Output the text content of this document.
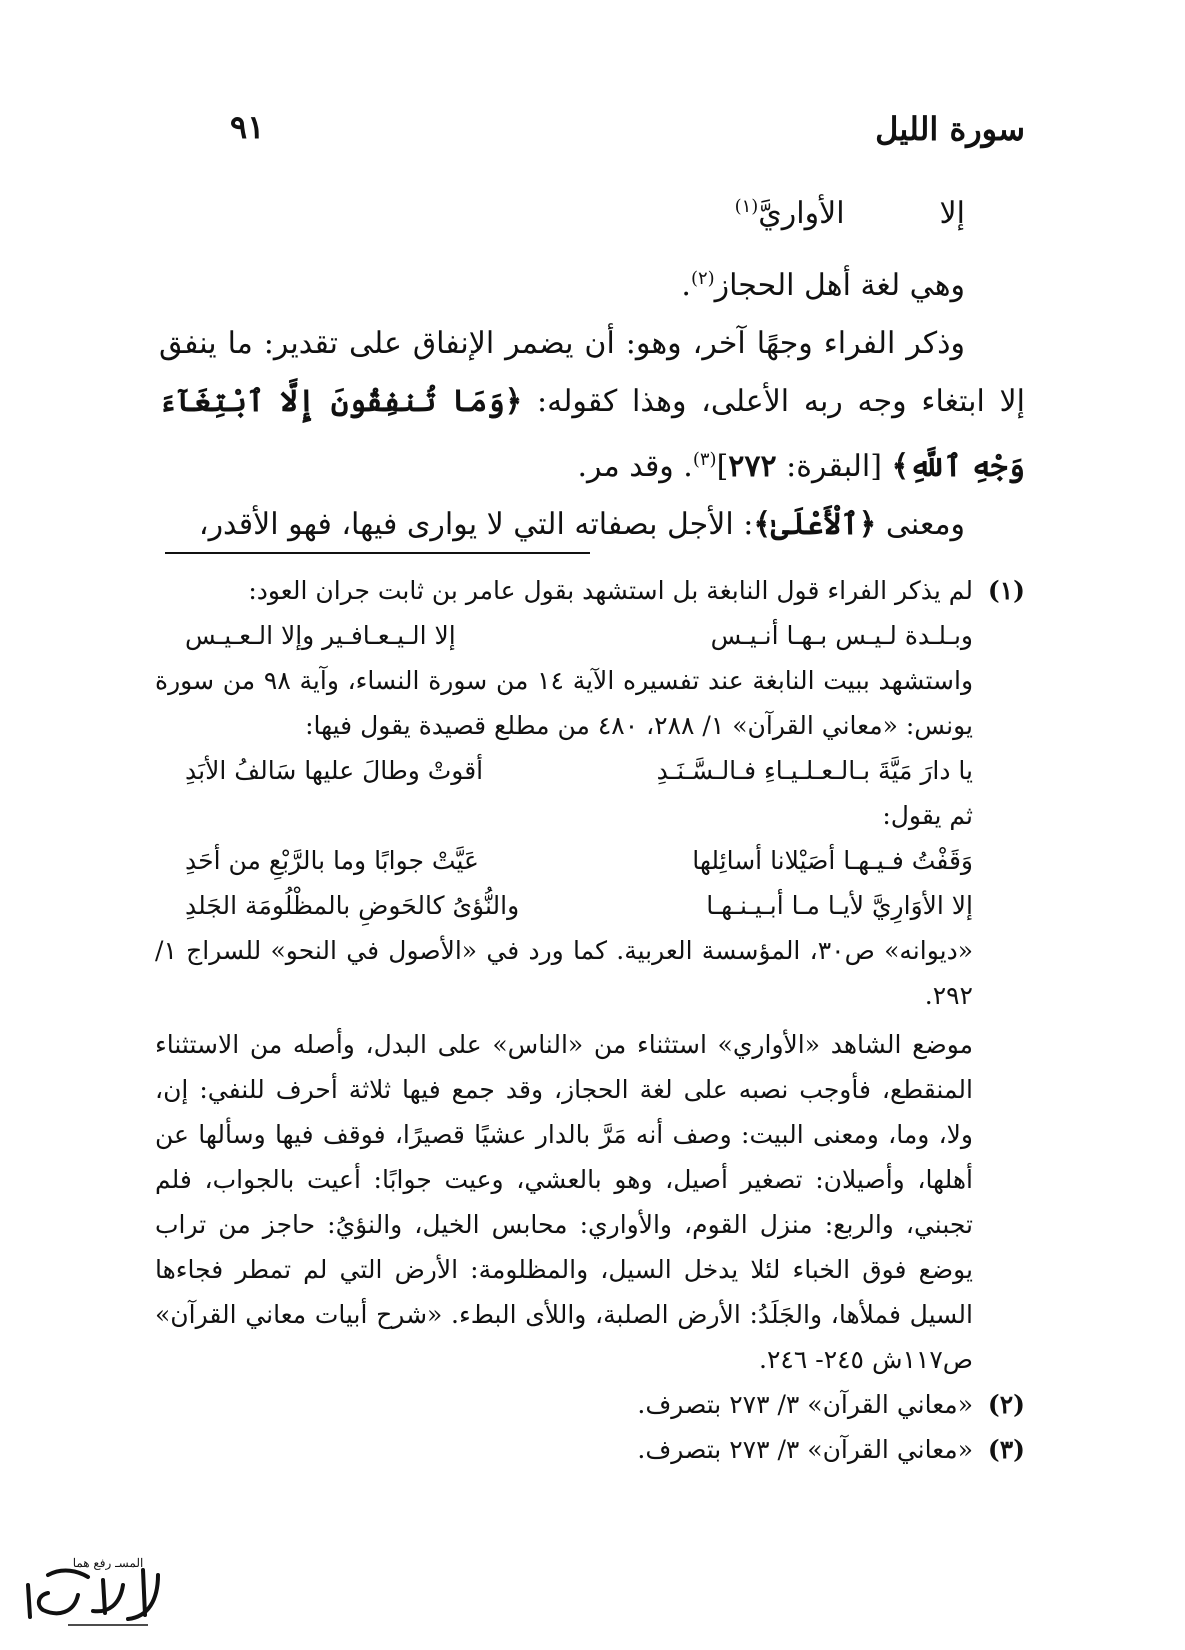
سورة الليل
٩١
إلاالأواريَّ$^{(١)}$

وهي لغة أهل الحجاز$^{(٢)}$.

وذكر الفراء وجهًا آخر، وهو: أن يضمر الإنفاق على تقدير: ما ينفق إلا ابتغاء وجه ربه الأعلى، وهذا كقوله: ﴿وَمَا تُنفِقُونَ إِلَّا ٱبْتِغَآءَ وَجْهِ ٱللَّهِ﴾ [البقرة: ٢٧٢]$^{(٣)}$. وقد مر.

ومعنى ﴿ٱلْأَعْلَىٰ﴾: الأجل بصفاته التي لا يوارى فيها، فهو الأقدر،

(١)
لم يذكر الفراء قول النابغة بل استشهد بقول عامر بن ثابت جران العود:
وبـلـدة لـيـس بـهـا أنـيـس
إلا الـيـعـافـير وإلا الـعـيـس
واستشهد ببيت النابغة عند تفسيره الآية ١٤ من سورة النساء، وآية ٩٨ من سورة يونس: «معاني القرآن» ١/ ٢٨٨، ٤٨٠ من مطلع قصيدة يقول فيها:
يا دارَ مَيَّةَ بـالـعـلـيـاءِ فـالـسَّـنَـدِ
أقوتْ وطالَ عليها سَالفُ الأبَدِ
ثم يقول:
وَقَفْتُ فـيـهـا أصَيْلانا أسائِلها
عَيَّتْ جوابًا وما بالرَّبْعِ من أحَدِ
إلا الأوَارِيَّ لأيـا مـا أبـيـنـهـا
والنُّؤىُ كالحَوضِ بالمظْلُومَة الجَلدِ
«ديوانه» ص٣٠، المؤسسة العربية. كما ورد في «الأصول في النحو» للسراج ١/ ٢٩٢.
موضع الشاهد «الأواري» استثناء من «الناس» على البدل، وأصله من الاستثناء المنقطع، فأوجب نصبه على لغة الحجاز، وقد جمع فيها ثلاثة أحرف للنفي: إن، ولا، وما، ومعنى البيت: وصف أنه مَرَّ بالدار عشيًا قصيرًا، فوقف فيها وسألها عن أهلها، وأصيلان: تصغير أصيل، وهو بالعشي، وعيت جوابًا: أعيت بالجواب، فلم تجبني، والربع: منزل القوم، والأواري: محابس الخيل، والنؤيُ: حاجز من تراب يوضع فوق الخباء لئلا يدخل السيل، والمظلومة: الأرض التي لم تمطر فجاءها السيل فملأها، والجَلَدُ: الأرض الصلبة، واللأى البطء. «شرح أبيات معاني القرآن» ص١١٧ش ٢٤٥- ٢٤٦.
(٢)
«معاني القرآن» ٣/ ٢٧٣ بتصرف.
(٣)
«معاني القرآن» ٣/ ٢٧٣ بتصرف.
المسـ رفع هما
